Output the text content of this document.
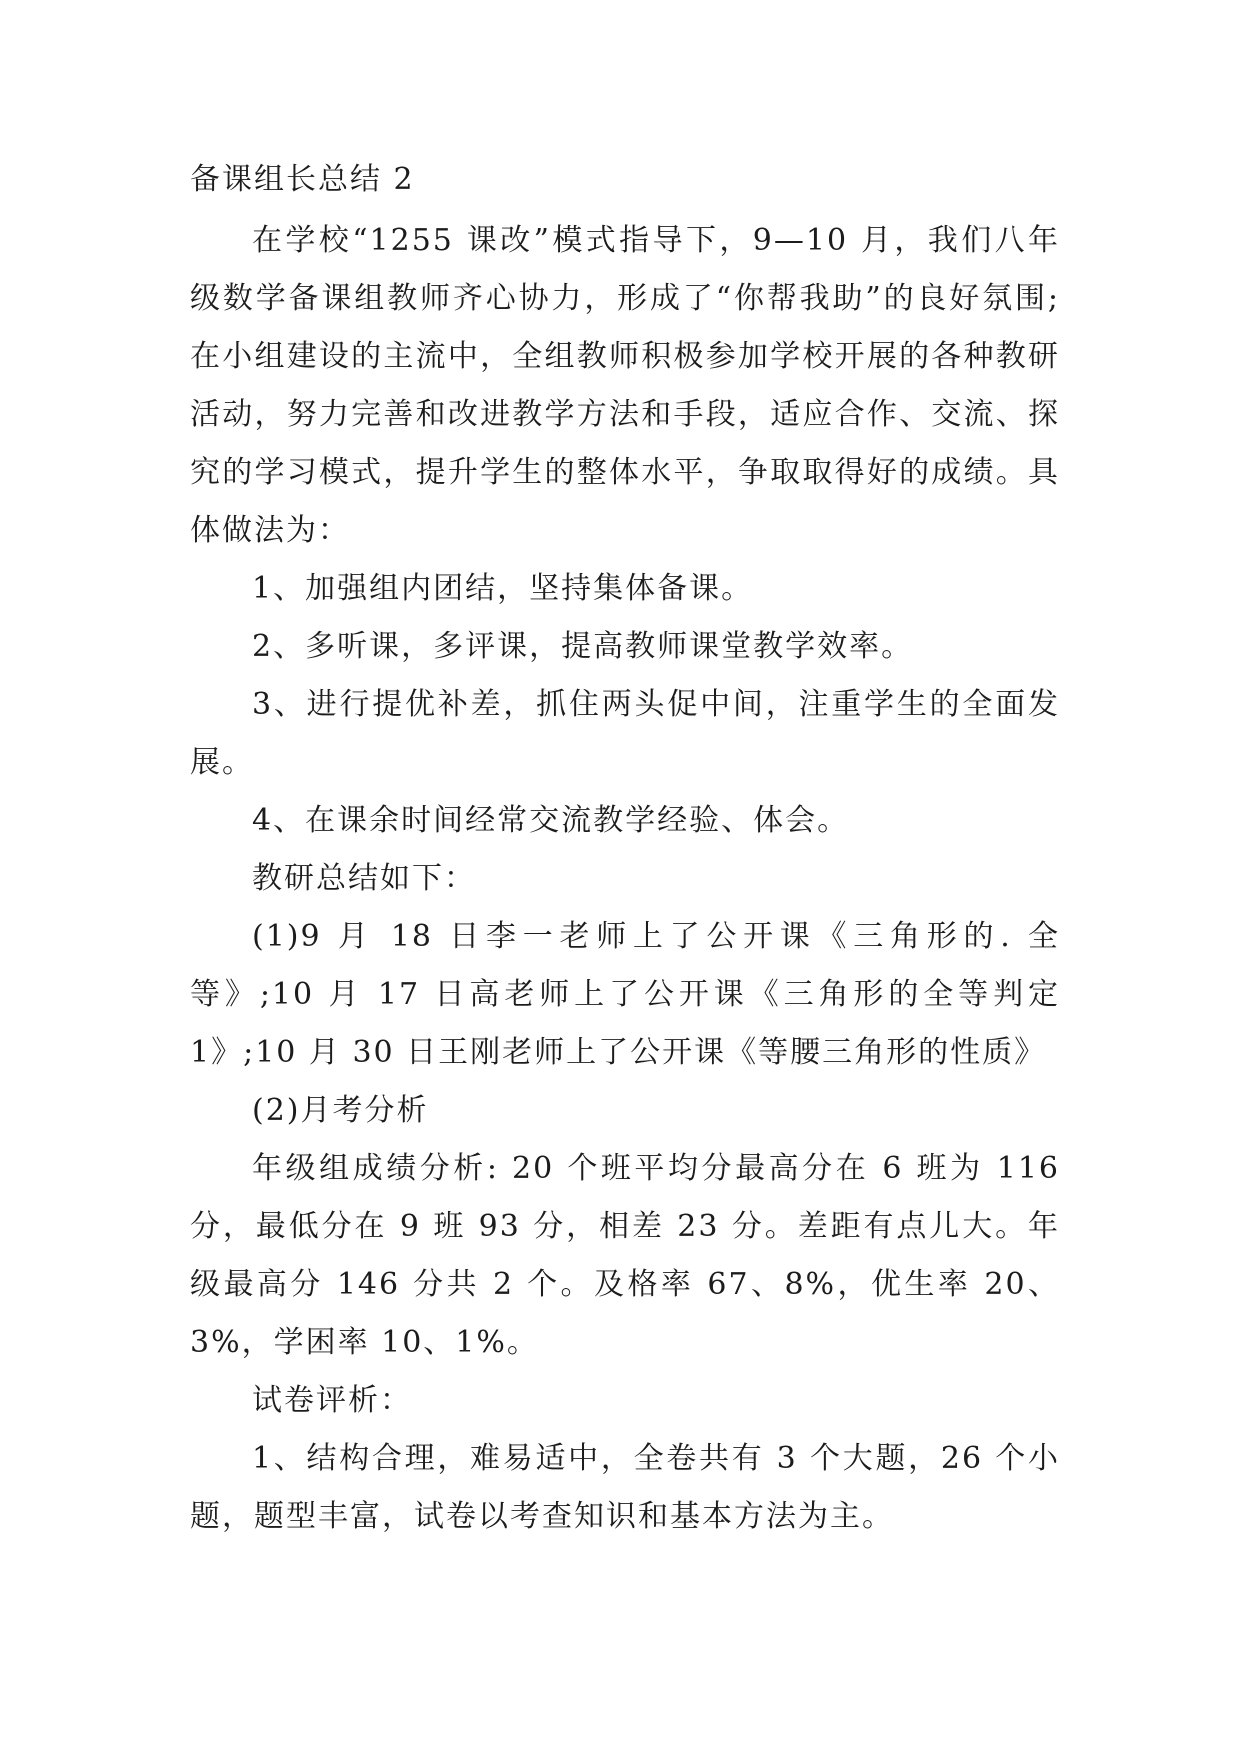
备课组长总结 2

在学校“1255 课改”模式指导下，9—10 月，我们八年级数学备课组教师齐心协力，形成了“你帮我助”的良好氛围;在小组建设的主流中，全组教师积极参加学校开展的各种教研活动，努力完善和改进教学方法和手段，适应合作、交流、探究的学习模式，提升学生的整体水平，争取取得好的成绩。具体做法为：

1、加强组内团结，坚持集体备课。

2、多听课，多评课，提高教师课堂教学效率。

3、进行提优补差，抓住两头促中间，注重学生的全面发展。

4、在课余时间经常交流教学经验、体会。

教研总结如下：

(1)9 月 18 日李一老师上了公开课《三角形的. 全等》;10 月 17 日高老师上了公开课《三角形的全等判定 1》;10 月 30 日王刚老师上了公开课《等腰三角形的性质》

(2)月考分析

年级组成绩分析: 20 个班平均分最高分在 6 班为 116 分，最低分在 9 班 93 分，相差 23 分。差距有点儿大。年级最高分 146 分共 2 个。及格率 67、8%，优生率 20、3%，学困率 10、1%。

试卷评析：

1、结构合理，难易适中，全卷共有 3 个大题，26 个小题，题型丰富，试卷以考查知识和基本方法为主。
